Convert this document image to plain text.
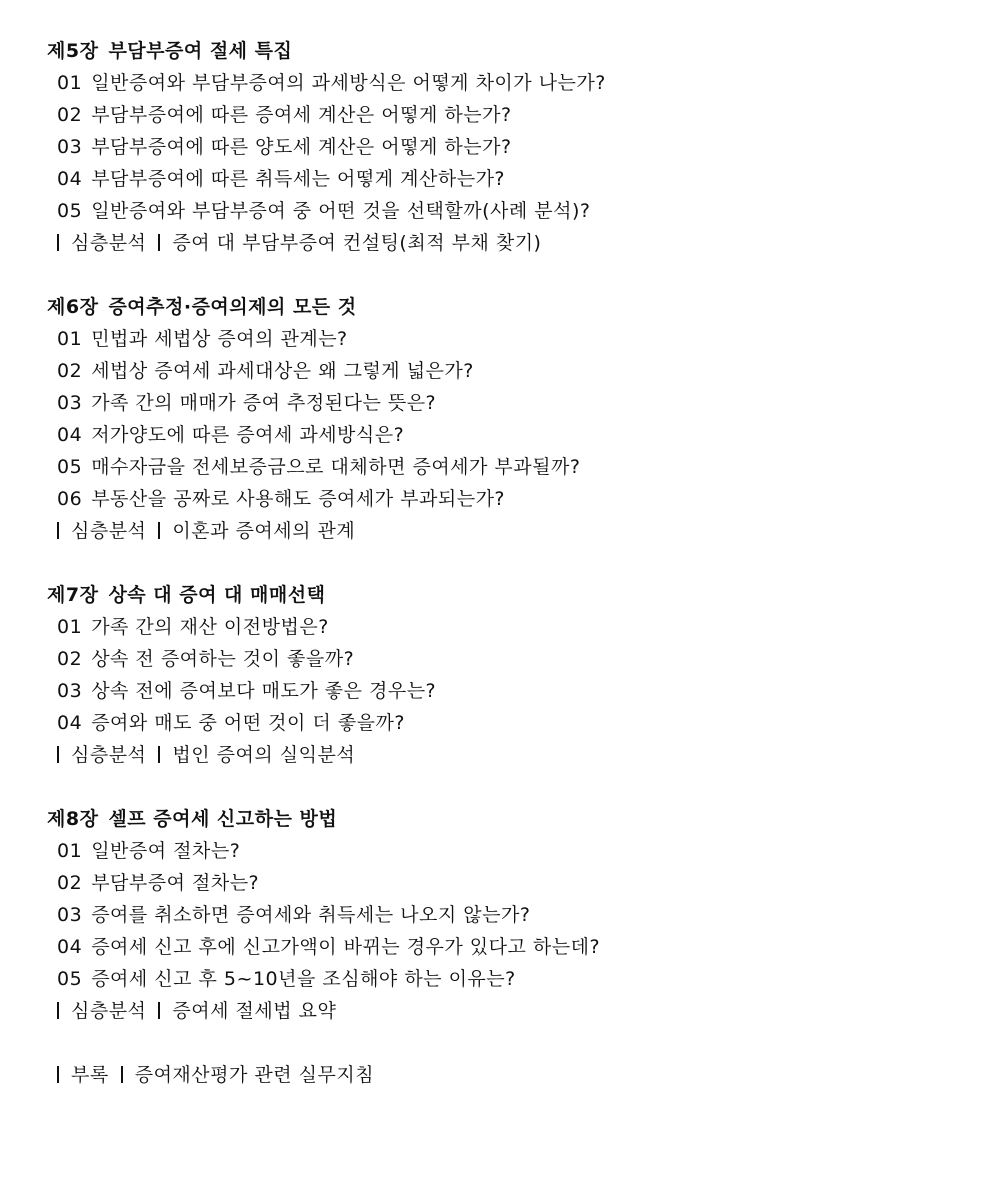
제5장 부담부증여 절세 특집
01 일반증여와 부담부증여의 과세방식은 어떻게 차이가 나는가?
02 부담부증여에 따른 증여세 계산은 어떻게 하는가?
03 부담부증여에 따른 양도세 계산은 어떻게 하는가?
04 부담부증여에 따른 취득세는 어떻게 계산하는가?
05 일반증여와 부담부증여 중 어떤 것을 선택할까(사례 분석)?
심층분석 증여 대 부담부증여 컨설팅(최적 부채 찾기)
제6장 증여추정·증여의제의 모든 것
01 민법과 세법상 증여의 관계는?
02 세법상 증여세 과세대상은 왜 그렇게 넓은가?
03 가족 간의 매매가 증여 추정된다는 뜻은?
04 저가양도에 따른 증여세 과세방식은?
05 매수자금을 전세보증금으로 대체하면 증여세가 부과될까?
06 부동산을 공짜로 사용해도 증여세가 부과되는가?
심층분석 이혼과 증여세의 관계
제7장 상속 대 증여 대 매매선택
01 가족 간의 재산 이전방법은?
02 상속 전 증여하는 것이 좋을까?
03 상속 전에 증여보다 매도가 좋은 경우는?
04 증여와 매도 중 어떤 것이 더 좋을까?
심층분석 법인 증여의 실익분석
제8장 셀프 증여세 신고하는 방법
01 일반증여 절차는?
02 부담부증여 절차는?
03 증여를 취소하면 증여세와 취득세는 나오지 않는가?
04 증여세 신고 후에 신고가액이 바뀌는 경우가 있다고 하는데?
05 증여세 신고 후 5~10년을 조심해야 하는 이유는?
심층분석 증여세 절세법 요약
부록 증여재산평가 관련 실무지침
